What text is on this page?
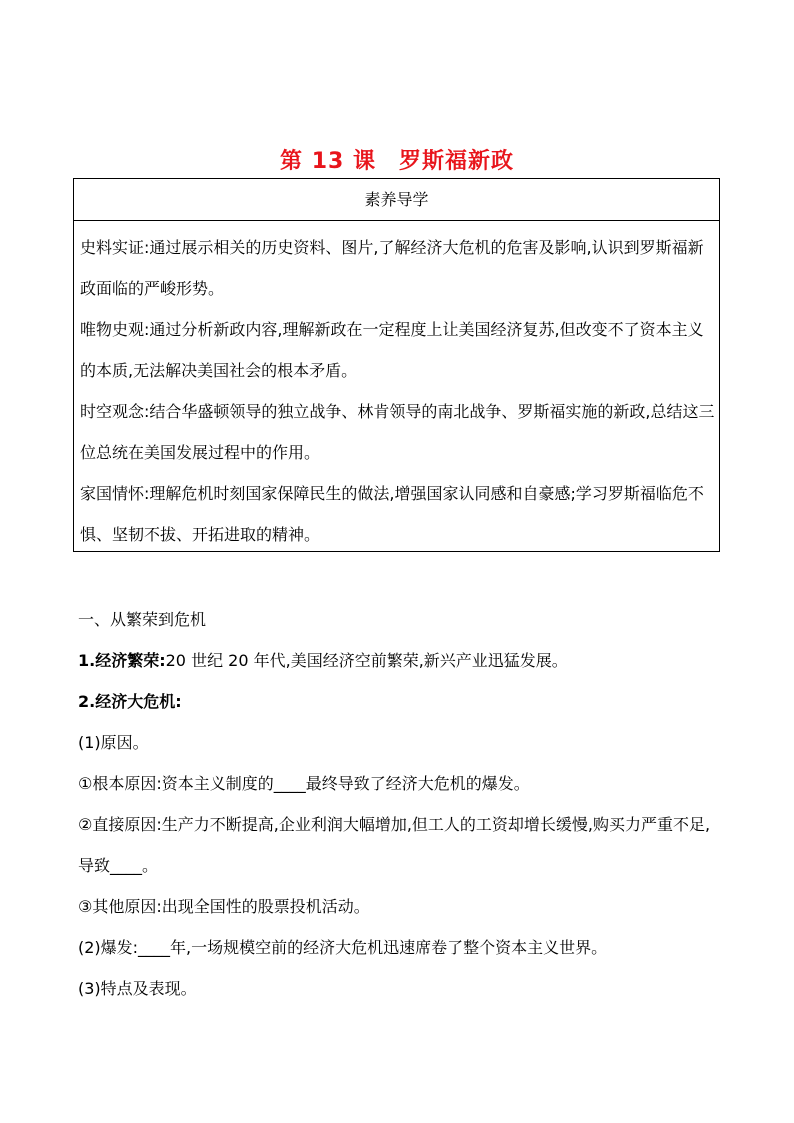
第 13 课　罗斯福新政
素养导学

史料实证:通过展示相关的历史资料、图片,了解经济大危机的危害及影响,认识到罗斯福新政面临的严峻形势。

唯物史观:通过分析新政内容,理解新政在一定程度上让美国经济复苏,但改变不了资本主义的本质,无法解决美国社会的根本矛盾。

时空观念:结合华盛顿领导的独立战争、林肯领导的南北战争、罗斯福实施的新政,总结这三位总统在美国发展过程中的作用。

家国情怀:理解危机时刻国家保障民生的做法,增强国家认同感和自豪感;学习罗斯福临危不惧、坚韧不拔、开拓进取的精神。

一、从繁荣到危机

1.经济繁荣:20 世纪 20 年代,美国经济空前繁荣,新兴产业迅猛发展。

2.经济大危机:

(1)原因。

①根本原因:资本主义制度的____最终导致了经济大危机的爆发。

②直接原因:生产力不断提高,企业利润大幅增加,但工人的工资却增长缓慢,购买力严重不足,导致____。

③其他原因:出现全国性的股票投机活动。

(2)爆发:____年,一场规模空前的经济大危机迅速席卷了整个资本主义世界。

(3)特点及表现。
